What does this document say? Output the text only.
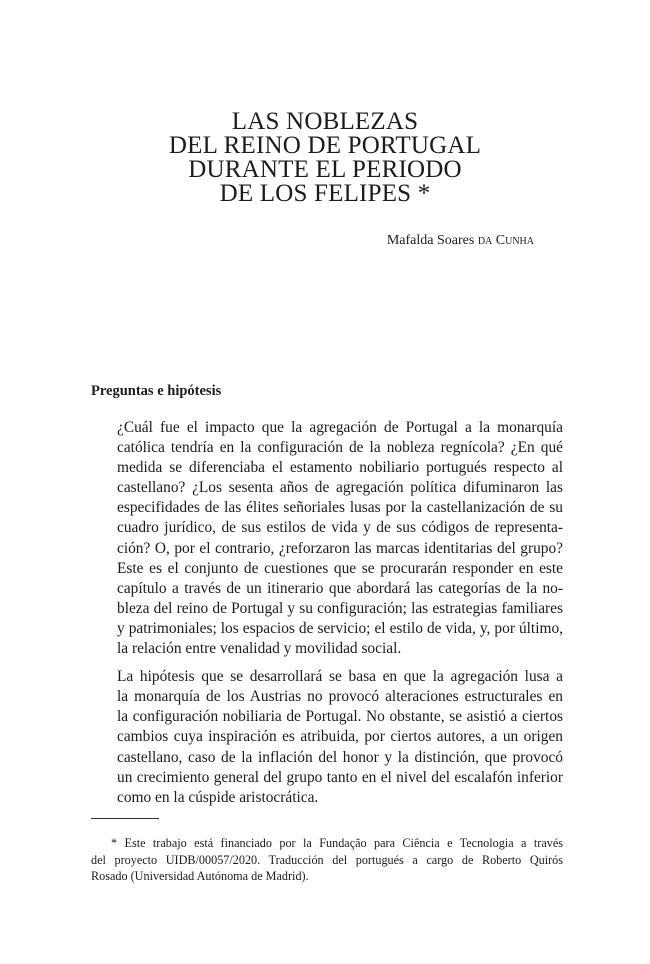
LAS NOBLEZAS
DEL REINO DE PORTUGAL
DURANTE EL PERIODO
DE LOS FELIPES *
Mafalda Soares da Cunha
Preguntas e hipótesis

¿Cuál fue el impacto que la agregación de Portugal a la monarquía
católica tendría en la configuración de la nobleza regnícola? ¿En qué
medida se diferenciaba el estamento nobiliario portugués respecto al
castellano? ¿Los sesenta años de agregación política difuminaron las
especifidades de las élites señoriales lusas por la castellanización de su
cuadro jurídico, de sus estilos de vida y de sus códigos de representa-
ción? O, por el contrario, ¿reforzaron las marcas identitarias del grupo?
Este es el conjunto de cuestiones que se procurarán responder en este
capítulo a través de un itinerario que abordará las categorías de la no-
bleza del reino de Portugal y su configuración; las estrategias familiares
y patrimoniales; los espacios de servicio; el estilo de vida, y, por último,
la relación entre venalidad y movilidad social.

La hipótesis que se desarrollará se basa en que la agregación lusa a
la monarquía de los Austrias no provocó alteraciones estructurales en
la configuración nobiliaria de Portugal. No obstante, se asistió a ciertos
cambios cuya inspiración es atribuida, por ciertos autores, a un origen
castellano, caso de la inflación del honor y la distinción, que provocó
un crecimiento general del grupo tanto en el nivel del escalafón inferior
como en la cúspide aristocrática.

* Este trabajo está financiado por la Fundação para Ciência e Tecnologia a través
del proyecto UIDB/00057/2020. Traducción del portugués a cargo de Roberto Quirós
Rosado (Universidad Autónoma de Madrid).
